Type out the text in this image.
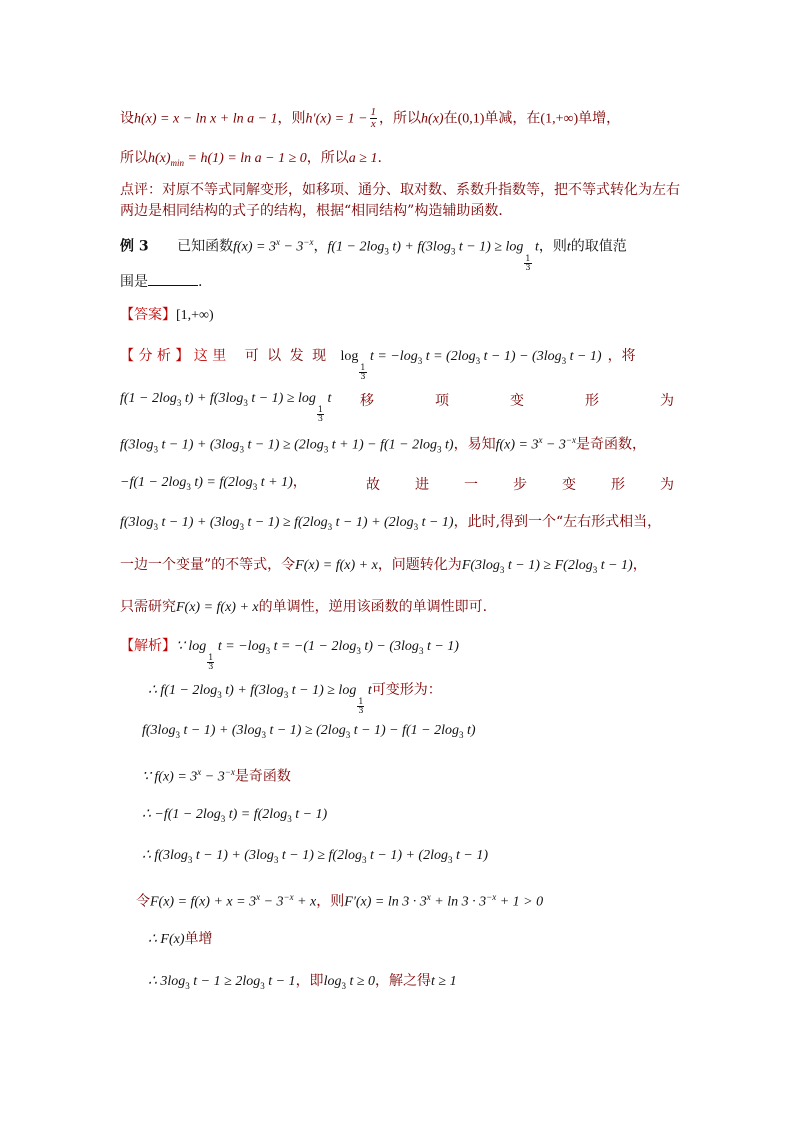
设h(x) = x − ln x + ln a − 1，则$h'(x) = 1 - \frac{1}{x}$ ，所以h(x)在(0,1)单减，在(1,+∞)单增，
所以$h(x)_{min} = h(1) = \ln a - 1 \ge 0$，所以a ≥ 1.
点评：对原不等式同解变形，如移项、通分、取对数、系数升指数等，把不等式转化为左右
两边是相同结构的式子的结构，根据“相同结构”构造辅助函数．
例 3 已知函数$f(x) = 3^x - 3^{-x}$，$f(1 - 2\log_3$ $t) + f(3\log_3$ t − 1) ≥ log
$\frac{1}{3}$
t，则t的取值范
围是	.
【答案】[1,+∞)
【 分 析 】 这 里 可 以 发 现 log
$\frac{1}{3}$
$t = -\log_3$ $t = (2\log_3$ $t - 1) - (3\log_3$ t − 1) ，将
$f(1 - 2\log_3$ $t) + f(3\log_3$ t − 1) ≥ log
$\frac{1}{3}$
t 移	项	变	形	为
$f(3\log_3$ $t - 1) + (3\log_3$ $t - 1) \ge (2\log_3$ $t + 1) - f(1 - 2\log_3$ t)，易知$f(x) = 3^x - 3^{-x}$是奇函数，
$-f(1 - 2\log_3$ $t) = f(2\log_3$ t + 1)，	故	进	一	步	变	形	为
$f(3\log_3$ $t - 1) + (3\log_3$ $t - 1) \ge f(2\log_3$ $t - 1) + (2\log_3$ t − 1)，此时,得到一个“左右形式相当，
一边一个变量”的不等式，令F(x) = f(x) + x，问题转化为$F(3\log_3$ $t - 1) \ge F(2\log_3$ t − 1)，
只需研究F(x) = f(x) + x的单调性，逆用该函数的单调性即可.
【解析】∵ log
$\frac{1}{3}$
$t = -\log_3$ $t = -(1 - 2\log_3$ $t) - (3\log_3$ t − 1)
∴ $f(1 - 2\log_3$ $t) + f(3\log_3$ t − 1) ≥ log
$\frac{1}{3}$
t可变形为：
$f(3\log_3$ $t - 1) + (3\log_3$ $t - 1) \ge (2\log_3$ $t - 1) - f(1 - 2\log_3$ t)
∵ $f(x) = 3^x - 3^{-x}$是奇函数
∴ $-f(1 - 2\log_3$ $t) = f(2\log_3$ t − 1)
∴ $f(3\log_3$ $t - 1) + (3\log_3$ $t - 1) \ge f(2\log_3$ $t - 1) + (2\log_3$ t − 1)
令$F(x) = f(x) + x = 3^x - 3^{-x} + x$，则$F'(x) = \ln 3 \cdot 3^x + \ln 3 \cdot 3^{-x} + 1 > 0$
∴ F(x)单增
∴ $3\log_3$ $t - 1 \ge 2\log_3$ t − 1，即$\log_3 t \ge 0$，解之得t ≥ 1
